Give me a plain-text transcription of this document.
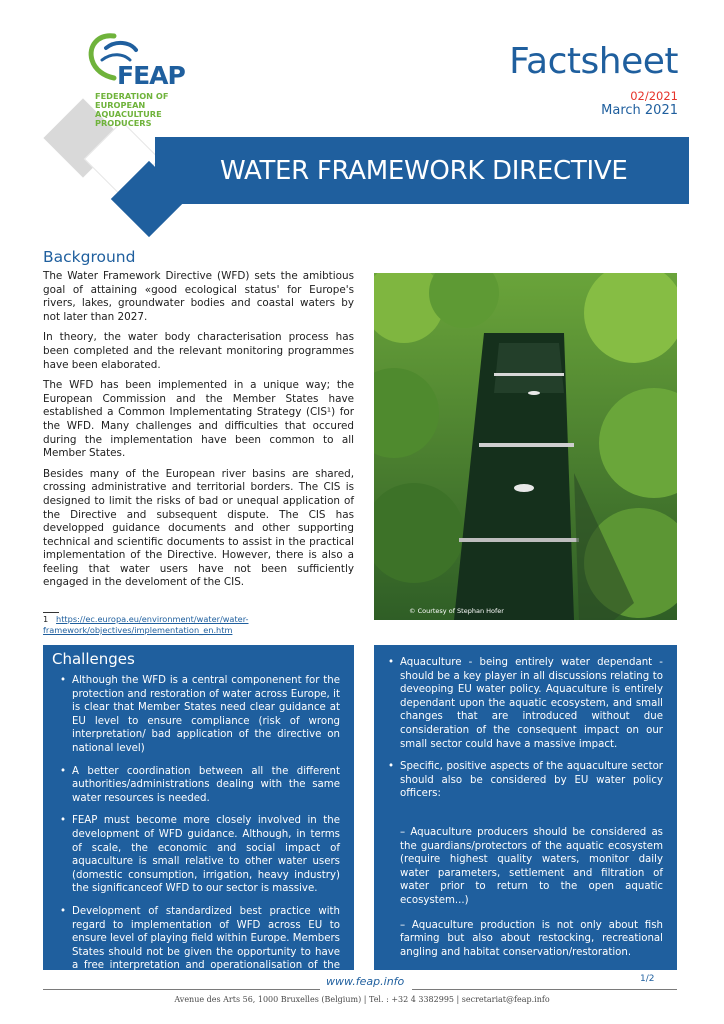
FEAP
FEDERATION OF
EUROPEAN
AQUACULTURE
PRODUCERS
Factsheet
02/2021
March 2021
WATER FRAMEWORK DIRECTIVE
Background

The Water Framework Directive (WFD) sets the amibtious goal of attaining «good ecological status' for Europe's rivers, lakes, groundwater bodies and coastal waters by not later than 2027.

In theory, the water body characterisation process has been completed and the relevant monitoring programmes have been elaborated.

The WFD has been implemented in a unique way; the European Commission and the Member States have established a Common Implementating Strategy (CIS¹) for the WFD. Many challenges and difficulties that occured during the implementation have been common to all Member States.

Besides many of the European river basins are shared, crossing administrative and territorial borders. The CIS is designed to limit the risks of bad or unequal application of the Directive and subsequent dispute. The CIS has developped guidance documents and other supporting technical and scientific documents to assist in the practical implementation of the Directive. However, there is also a feeling that water users have not been sufficiently engaged in the develoment of the CIS.

© Courtesy of Stephan Hofer
1 https://ec.europa.eu/environment/water/water-framework/objectives/implementation_en.htm
Challenges
• Although the WFD is a central componenent for the protection and restoration of water across Europe, it is clear that Member States need clear guidance at EU level to ensure compliance (risk of wrong interpretation/ bad application of the directive on national level)
• A better coordination between all the different authorities/administrations dealing with the same water resources is needed.
• FEAP must become more closely involved in the development of WFD guidance. Although, in terms of scale, the economic and social impact of aquaculture is small relative to other water users (domestic consumption, irrigation, heavy industry) the significanceof WFD to our sector is massive.
• Development of standardized best practice with regard to implementation of WFD across EU to ensure level of playing field within Europe. Members States should not be given the opportunity to have a free interpretation and operationalisation of the Directive.
• Aquaculture - being entirely water dependant - should be a key player in all discussions relating to deveoping EU water policy. Aquaculture is entirely dependant upon the aquatic ecosystem, and small changes that are introduced without due consideration of the consequent impact on our small sector could have a massive impact.
• Specific, positive aspects of the aquaculture sector should also be considered by EU water policy officers:

– Aquaculture producers should be considered as the guardians/protectors of the aquatic ecosystem (require highest quality waters, monitor daily water parameters, settlement and filtration of water prior to return to the open aquatic ecosystem...)

– Aquaculture production is not only about fish farming but also about restocking, recreational angling and habitat conservation/restoration.

www.feap.info	1/2
Avenue des Arts 56, 1000 Bruxelles (Belgium) | Tel. : +32 4 3382995 | secretariat@feap.info
